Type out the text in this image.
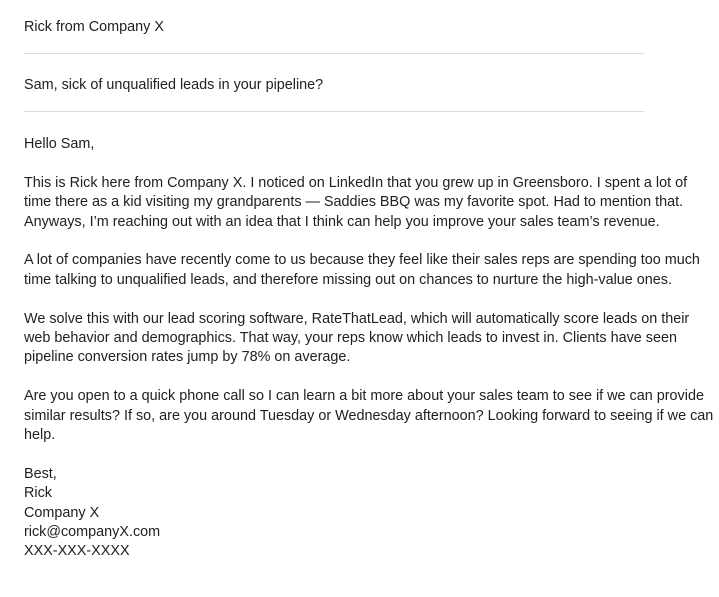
Rick from Company X
Sam, sick of unqualified leads in your pipeline?

Hello Sam,

This is Rick here from Company X. I noticed on LinkedIn that you grew up in Greensboro. I spent a lot of time there as a kid visiting my grandparents — Saddies BBQ was my favorite spot. Had to mention that. Anyways, I’m reaching out with an idea that I think can help you improve your sales team’s revenue.

A lot of companies have recently come to us because they feel like their sales reps are spending too much time talking to unqualified leads, and therefore missing out on chances to nurture the high-value ones.

We solve this with our lead scoring software, RateThatLead, which will automatically score leads on their web behavior and demographics. That way, your reps know which leads to invest in. Clients have seen pipeline conversion rates jump by 78% on average.

Are you open to a quick phone call so I can learn a bit more about your sales team to see if we can provide similar results? If so, are you around Tuesday or Wednesday afternoon? Looking forward to seeing if we can help.

Best,
Rick
Company X
rick@companyX.com
XXX-XXX-XXXX
